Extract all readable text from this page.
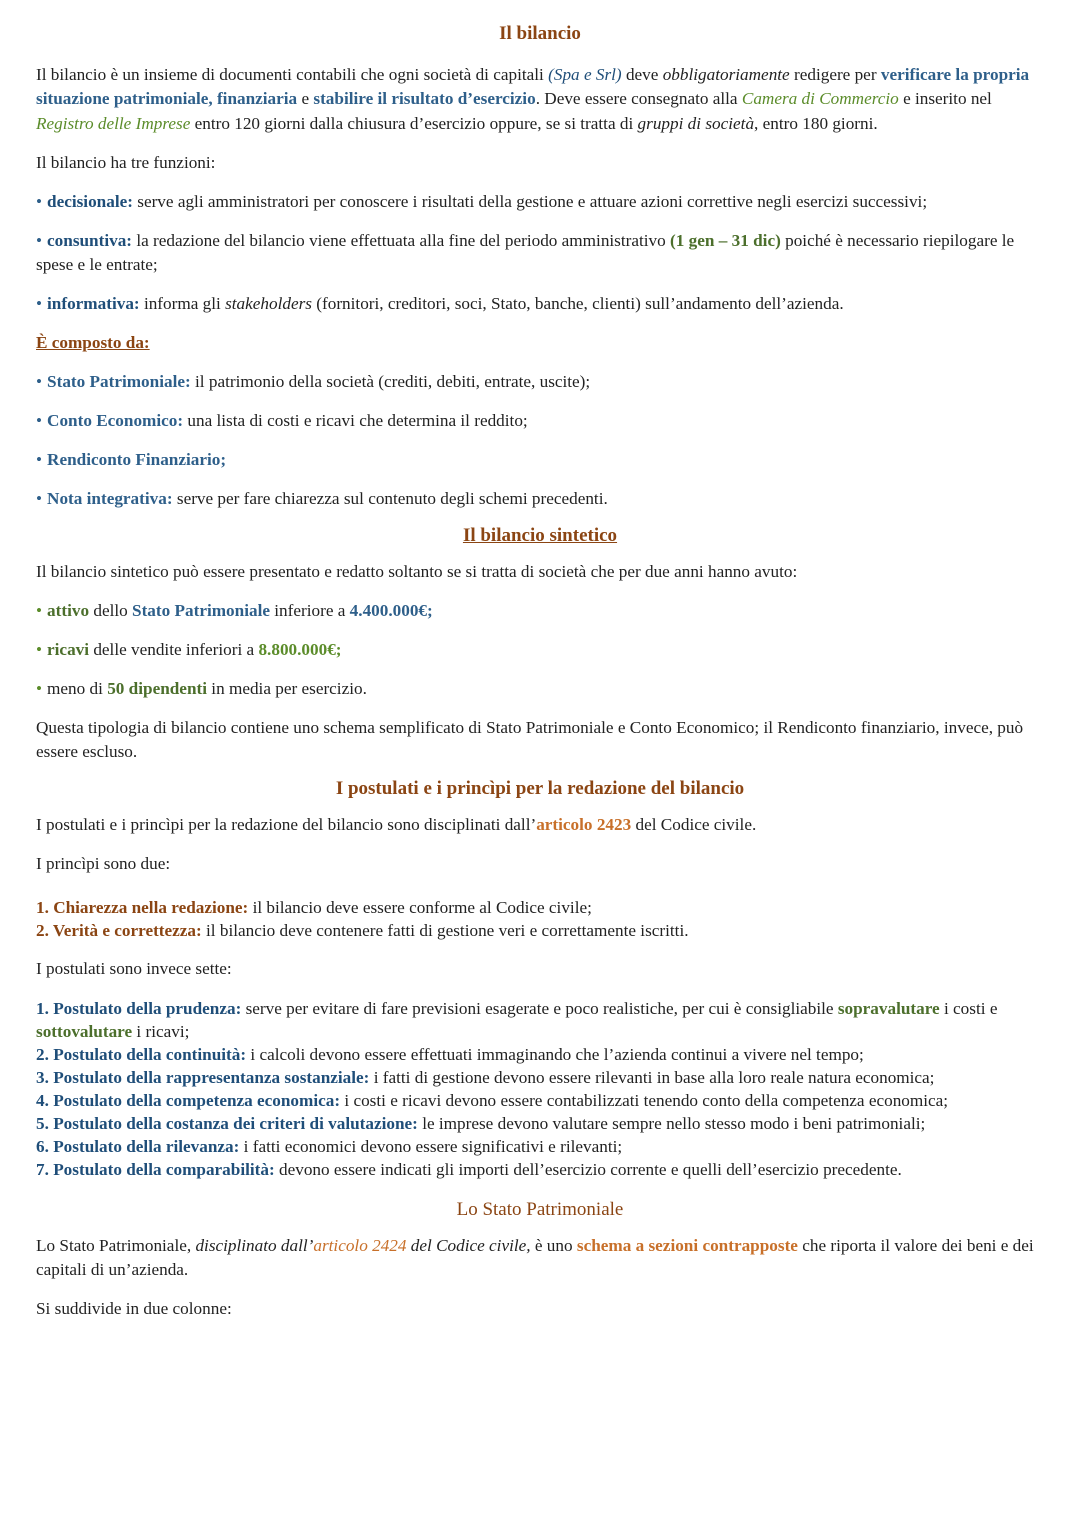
Il bilancio

Il bilancio è un insieme di documenti contabili che ogni società di capitali (Spa e Srl) deve obbligatoriamente redigere per verificare la propria situazione patrimoniale, finanziaria e stabilire il risultato d’esercizio. Deve essere consegnato alla Camera di Commercio e inserito nel Registro delle Imprese entro 120 giorni dalla chiusura d’esercizio oppure, se si tratta di gruppi di società, entro 180 giorni.

Il bilancio ha tre funzioni:

• decisionale: serve agli amministratori per conoscere i risultati della gestione e attuare azioni correttive negli esercizi successivi;

• consuntiva: la redazione del bilancio viene effettuata alla fine del periodo amministrativo (1 gen – 31 dic) poiché è necessario riepilogare le spese e le entrate;

• informativa: informa gli stakeholders (fornitori, creditori, soci, Stato, banche, clienti) sull’andamento dell’azienda.

È composto da:

• Stato Patrimoniale: il patrimonio della società (crediti, debiti, entrate, uscite);

• Conto Economico: una lista di costi e ricavi che determina il reddito;

• Rendiconto Finanziario;

• Nota integrativa: serve per fare chiarezza sul contenuto degli schemi precedenti.

Il bilancio sintetico

Il bilancio sintetico può essere presentato e redatto soltanto se si tratta di società che per due anni hanno avuto:

• attivo dello Stato Patrimoniale inferiore a 4.400.000€;

• ricavi delle vendite inferiori a 8.800.000€;

• meno di 50 dipendenti in media per esercizio.

Questa tipologia di bilancio contiene uno schema semplificato di Stato Patrimoniale e Conto Economico; il Rendiconto finanziario, invece, può essere escluso.

I postulati e i princìpi per la redazione del bilancio

I postulati e i princìpi per la redazione del bilancio sono disciplinati dall’articolo 2423 del Codice civile.

I princìpi sono due:

1. Chiarezza nella redazione: il bilancio deve essere conforme al Codice civile;

2. Verità e correttezza: il bilancio deve contenere fatti di gestione veri e correttamente iscritti.

I postulati sono invece sette:

1. Postulato della prudenza: serve per evitare di fare previsioni esagerate e poco realistiche, per cui è consigliabile sopravalutare i costi e sottovalutare i ricavi;

2. Postulato della continuità: i calcoli devono essere effettuati immaginando che l’azienda continui a vivere nel tempo;

3. Postulato della rappresentanza sostanziale: i fatti di gestione devono essere rilevanti in base alla loro reale natura economica;

4. Postulato della competenza economica: i costi e ricavi devono essere contabilizzati tenendo conto della competenza economica;

5. Postulato della costanza dei criteri di valutazione: le imprese devono valutare sempre nello stesso modo i beni patrimoniali;

6. Postulato della rilevanza: i fatti economici devono essere significativi e rilevanti;

7. Postulato della comparabilità: devono essere indicati gli importi dell’esercizio corrente e quelli dell’esercizio precedente.

Lo Stato Patrimoniale

Lo Stato Patrimoniale, disciplinato dall’articolo 2424 del Codice civile, è uno schema a sezioni contrapposte che riporta il valore dei beni e dei capitali di un’azienda.

Si suddivide in due colonne:
